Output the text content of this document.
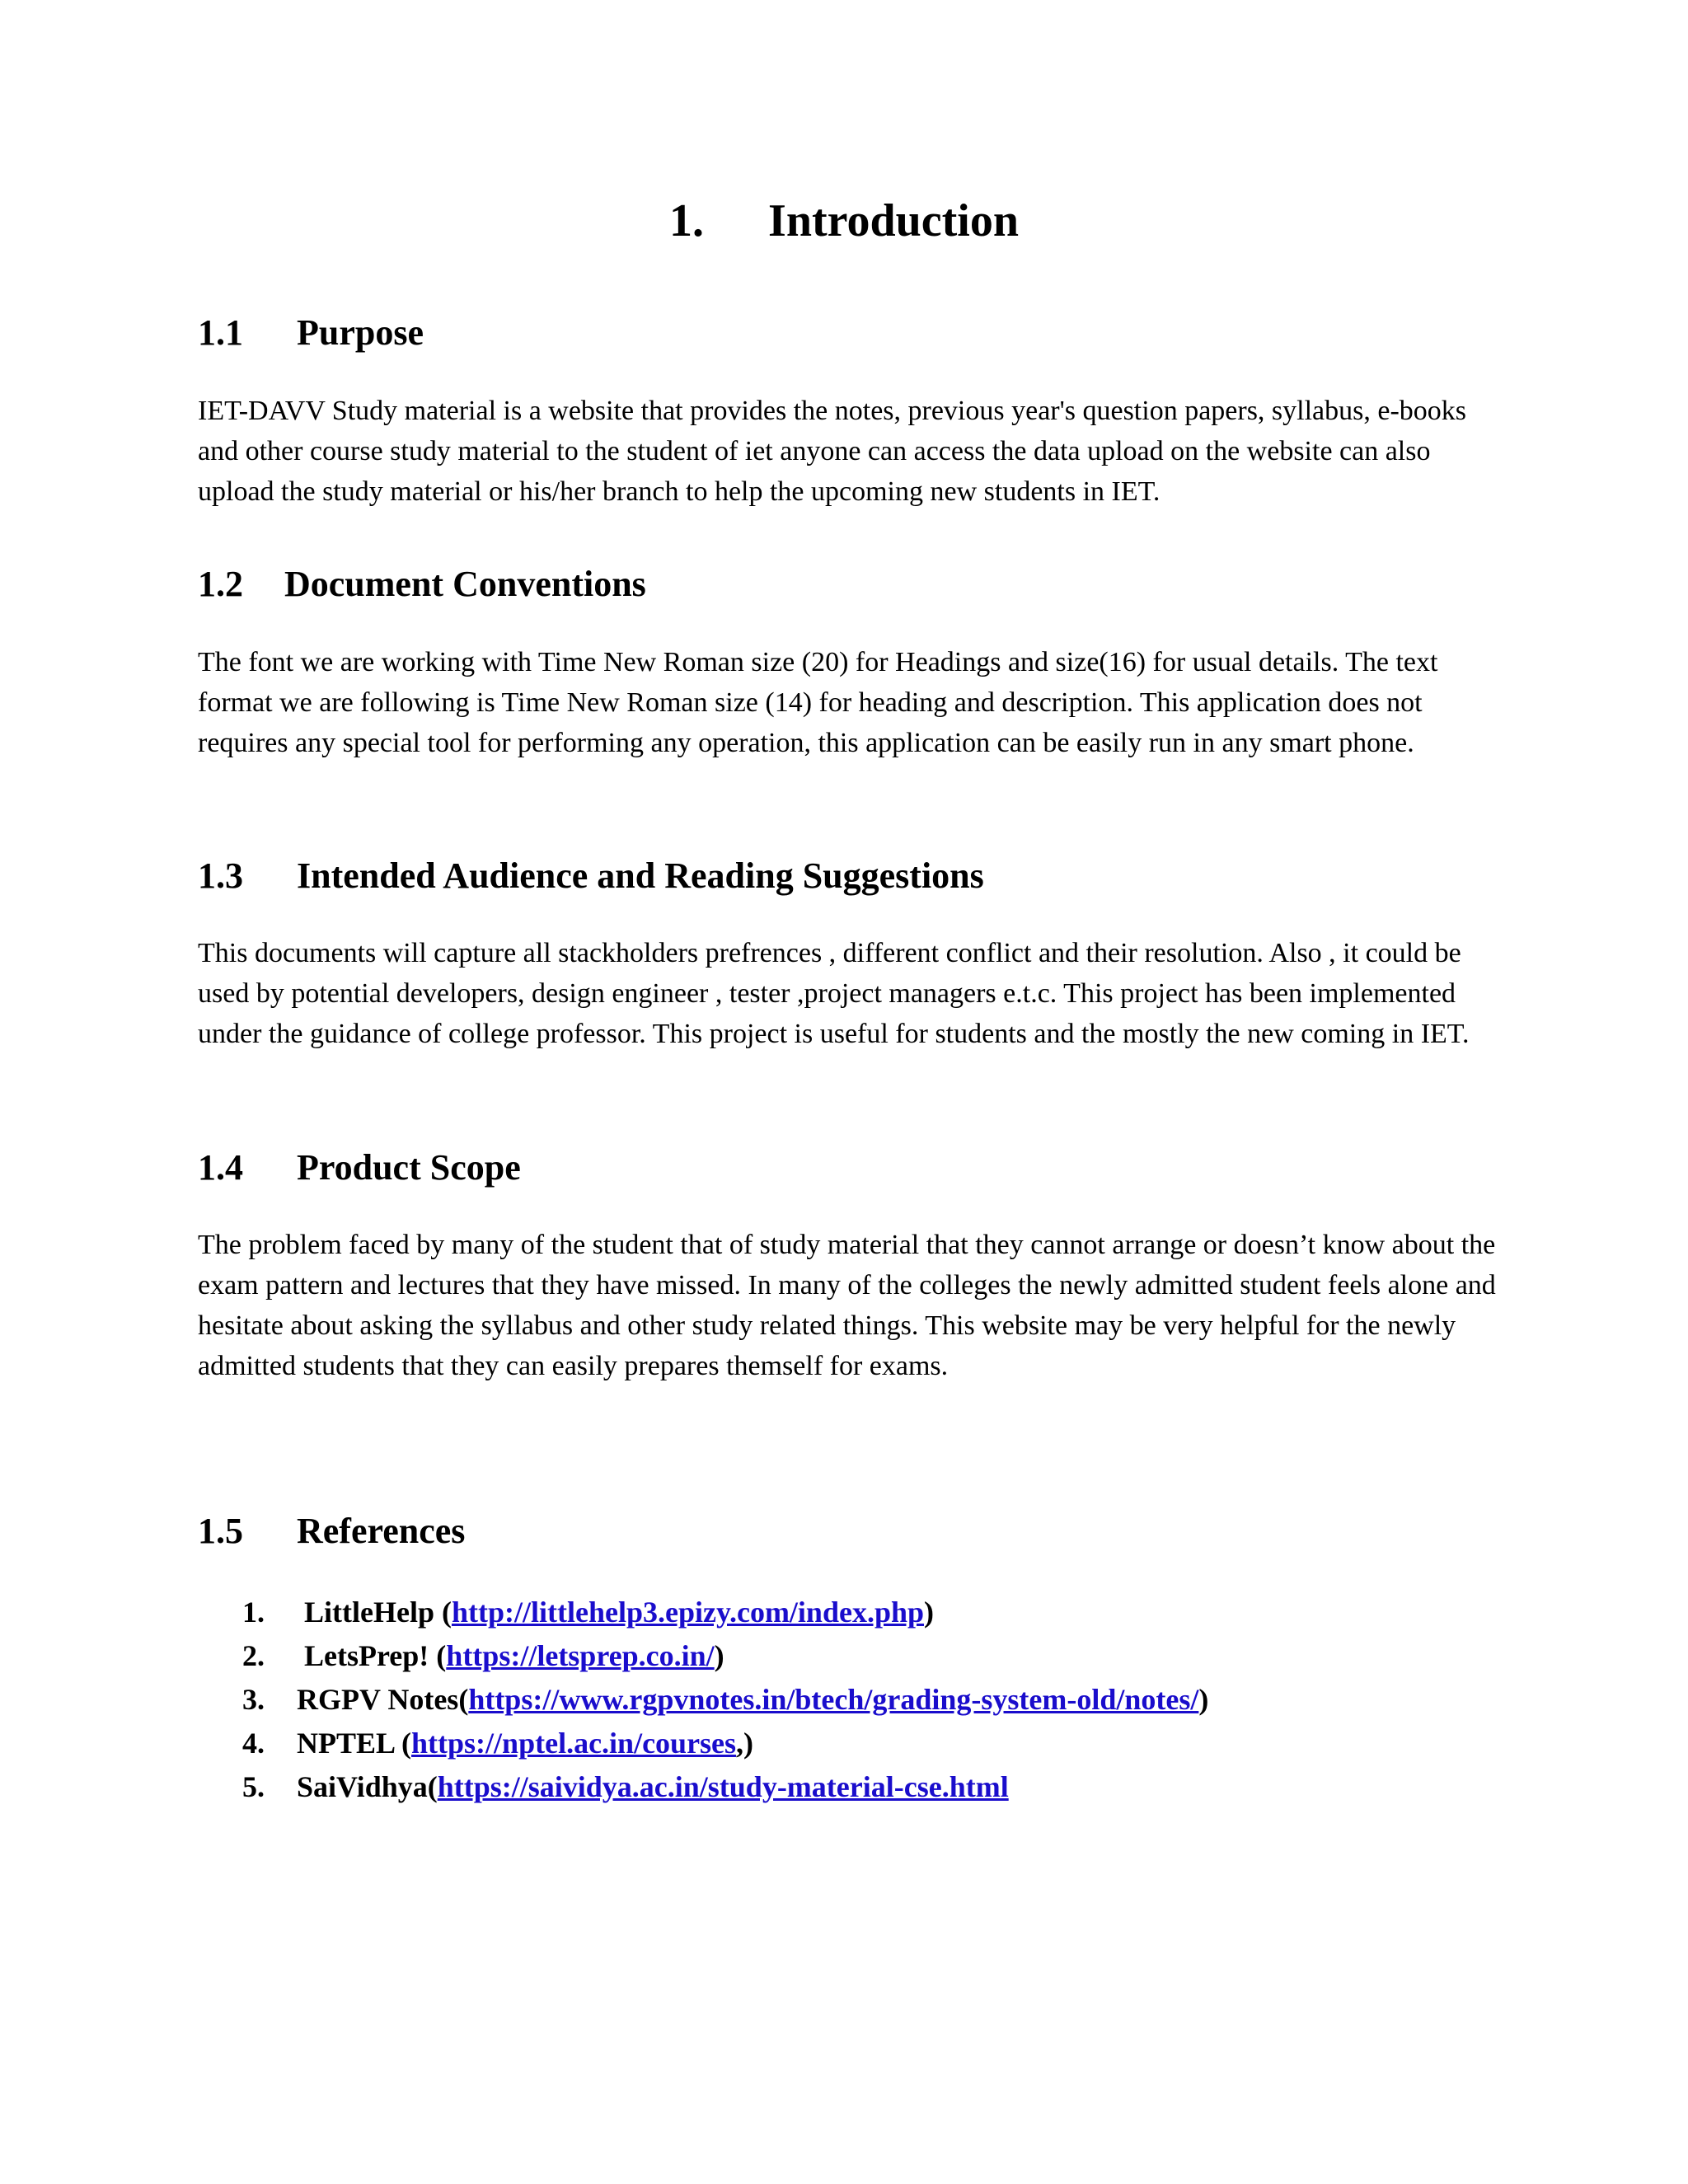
1. Introduction
1.1 Purpose

IET-DAVV Study material is a website that provides the notes, previous year's question papers, syllabus, e-books and other course study material to the student of iet anyone can access the data upload on the website can also upload the study material or his/her branch to help the upcoming new students in IET.

1.2 Document Conventions

The font we are working with Time New Roman size (20) for Headings and size(16) for usual details. The text format we are following is Time New Roman size (14) for heading and description. This application does not requires any special tool for performing any operation, this application can be easily run in any smart phone.

1.3 Intended Audience and Reading Suggestions

This documents will capture all stackholders prefrences , different conflict and their resolution. Also , it could be used by potential developers, design engineer , tester ,project managers e.t.c. This project has been implemented under the guidance of college professor. This project is useful for students and the mostly the new coming in IET.

1.4 Product Scope

The problem faced by many of the student that of study material that they cannot arrange or doesn’t know about the exam pattern and lectures that they have missed. In many of the colleges the newly admitted student feels alone and hesitate about asking the syllabus and other study related things. This website may be very helpful for the newly admitted students that they can easily prepares themself for exams.

1.5 References
1. LittleHelp (http://littlehelp3.epizy.com/index.php)
2. LetsPrep! (https://letsprep.co.in/)
3. RGPV Notes(https://www.rgpvnotes.in/btech/grading-system-old/notes/)
4. NPTEL (https://nptel.ac.in/courses,)
5. SaiVidhya(https://saividya.ac.in/study-material-cse.html
